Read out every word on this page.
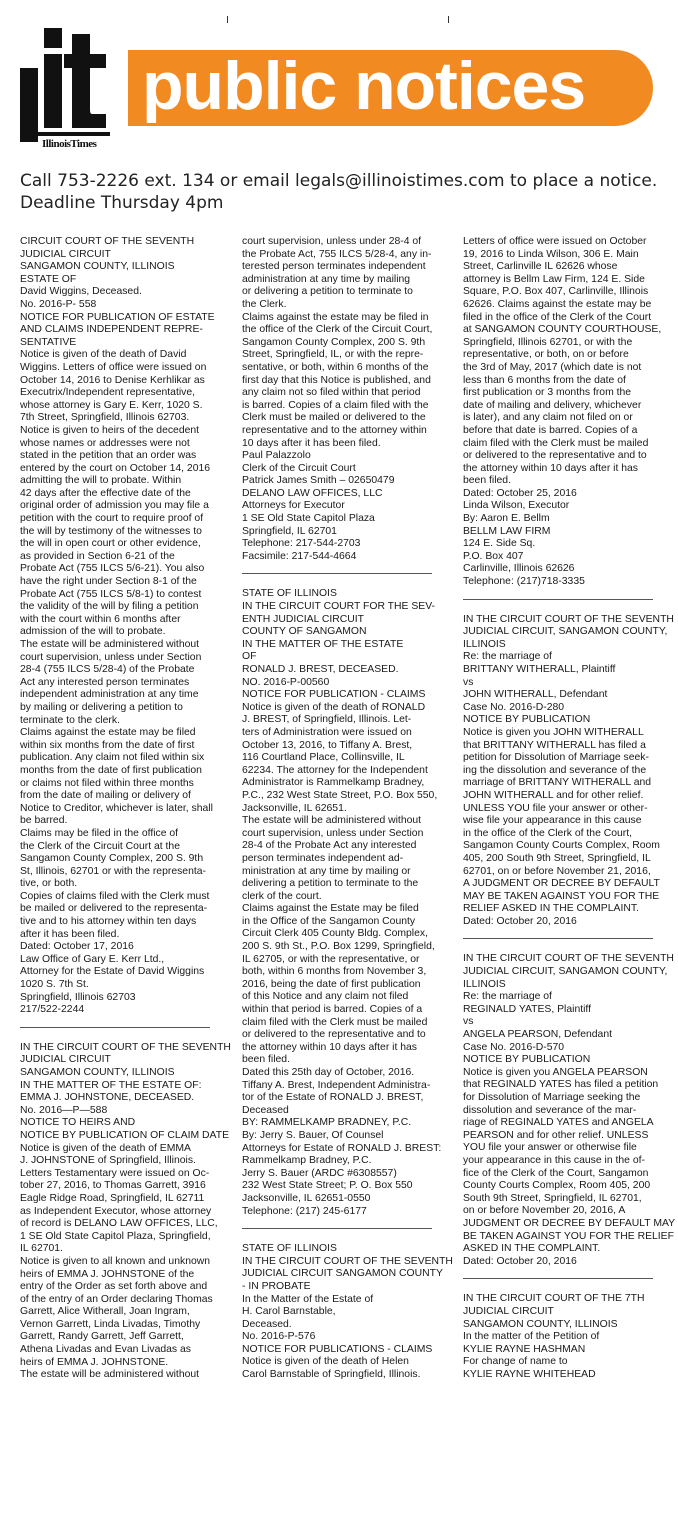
IllinoisTimes
public notices

Call 753-2226 ext. 134 or email legals@illinoistimes.com to place a notice.
Deadline Thursday 4pm

CIRCUIT COURT OF THE SEVENTH
JUDICIAL CIRCUIT
SANGAMON COUNTY, ILLINOIS
ESTATE OF
David Wiggins, Deceased.
No. 2016-P- 558
NOTICE FOR PUBLICATION OF ESTATE
AND CLAIMS INDEPENDENT REPRE-
SENTATIVE
Notice is given of the death of David
Wiggins. Letters of office were issued on
October 14, 2016 to Denise Kerhlikar as
Executrix/Independent representative,
whose attorney is Gary E. Kerr, 1020 S.
7th Street, Springfield, Illinois 62703.
Notice is given to heirs of the decedent
whose names or addresses were not
stated in the petition that an order was
entered by the court on October 14, 2016
admitting the will to probate. Within
42 days after the effective date of the
original order of admission you may file a
petition with the court to require proof of
the will by testimony of the witnesses to
the will in open court or other evidence,
as provided in Section 6-21 of the
Probate Act (755 ILCS 5/6-21). You also
have the right under Section 8-1 of the
Probate Act (755 ILCS 5/8-1) to contest
the validity of the will by filing a petition
with the court within 6 months after
admission of the will to probate.
The estate will be administered without
court supervision, unless under Section
28-4 (755 ILCS 5/28-4) of the Probate
Act any interested person terminates
independent administration at any time
by mailing or delivering a petition to
terminate to the clerk.
Claims against the estate may be filed
within six months from the date of first
publication. Any claim not filed within six
months from the date of first publication
or claims not filed within three months
from the date of mailing or delivery of
Notice to Creditor, whichever is later, shall
be barred.
Claims may be filed in the office of
the Clerk of the Circuit Court at the
Sangamon County Complex, 200 S. 9th
St, Illinois, 62701 or with the representa-
tive, or both.
Copies of claims filed with the Clerk must
be mailed or delivered to the representa-
tive and to his attorney within ten days
after it has been filed.
Dated: October 17, 2016
Law Office of Gary E. Kerr Ltd.,
Attorney for the Estate of David Wiggins
1020 S. 7th St.
Springfield, Illinois 62703
217/522-2244
IN THE CIRCUIT COURT OF THE SEVENTH
JUDICIAL CIRCUIT
SANGAMON COUNTY, ILLINOIS
IN THE MATTER OF THE ESTATE OF:
EMMA J. JOHNSTONE, DECEASED.
No. 2016—P—588
NOTICE TO HEIRS AND
NOTICE BY PUBLICATION OF CLAIM DATE
Notice is given of the death of EMMA
J. JOHNSTONE of Springfield, Illinois.
Letters Testamentary were issued on Oc-
tober 27, 2016, to Thomas Garrett, 3916
Eagle Ridge Road, Springfield, IL 62711
as Independent Executor, whose attorney
of record is DELANO LAW OFFICES, LLC,
1 SE Old State Capitol Plaza, Springfield,
IL 62701.
Notice is given to all known and unknown
heirs of EMMA J. JOHNSTONE of the
entry of the Order as set forth above and
of the entry of an Order declaring Thomas
Garrett, Alice Witherall, Joan Ingram,
Vernon Garrett, Linda Livadas, Timothy
Garrett, Randy Garrett, Jeff Garrett,
Athena Livadas and Evan Livadas as
heirs of EMMA J. JOHNSTONE.
The estate will be administered without
court supervision, unless under 28-4 of
the Probate Act, 755 ILCS 5/28-4, any in-
terested person terminates independent
administration at any time by mailing
or delivering a petition to terminate to
the Clerk.
Claims against the estate may be filed in
the office of the Clerk of the Circuit Court,
Sangamon County Complex, 200 S. 9th
Street, Springfield, IL, or with the repre-
sentative, or both, within 6 months of the
first day that this Notice is published, and
any claim not so filed within that period
is barred. Copies of a claim filed with the
Clerk must be mailed or delivered to the
representative and to the attorney within
10 days after it has been filed.
Paul Palazzolo
Clerk of the Circuit Court
Patrick James Smith – 02650479
DELANO LAW OFFICES, LLC
Attorneys for Executor
1 SE Old State Capitol Plaza
Springfield, IL 62701
Telephone: 217-544-2703
Facsimile: 217-544-4664
STATE OF ILLINOIS
IN THE CIRCUIT COURT FOR THE SEV-
ENTH JUDICIAL CIRCUIT
COUNTY OF SANGAMON
IN THE MATTER OF THE ESTATE
OF
RONALD J. BREST, DECEASED.
NO. 2016-P-00560
NOTICE FOR PUBLICATION - CLAIMS
Notice is given of the death of RONALD
J. BREST, of Springfield, Illinois. Let-
ters of Administration were issued on
October 13, 2016, to Tiffany A. Brest,
116 Courtland Place, Collinsville, IL
62234. The attorney for the Independent
Administrator is Rammelkamp Bradney,
P.C., 232 West State Street, P.O. Box 550,
Jacksonville, IL 62651.
The estate will be administered without
court supervision, unless under Section
28-4 of the Probate Act any interested
person terminates independent ad-
ministration at any time by mailing or
delivering a petition to terminate to the
clerk of the court.
Claims against the Estate may be filed
in the Office of the Sangamon County
Circuit Clerk 405 County Bldg. Complex,
200 S. 9th St., P.O. Box 1299, Springfield,
IL 62705, or with the representative, or
both, within 6 months from November 3,
2016, being the date of first publication
of this Notice and any claim not filed
within that period is barred. Copies of a
claim filed with the Clerk must be mailed
or delivered to the representative and to
the attorney within 10 days after it has
been filed.
Dated this 25th day of October, 2016.
Tiffany A. Brest, Independent Administra-
tor of the Estate of RONALD J. BREST,
Deceased
BY: RAMMELKAMP BRADNEY, P.C.
By: Jerry S. Bauer, Of Counsel
Attorneys for Estate of RONALD J. BREST:
Rammelkamp Bradney, P.C.
Jerry S. Bauer (ARDC #6308557)
232 West State Street; P. O. Box 550
Jacksonville, IL 62651-0550
Telephone: (217) 245-6177
STATE OF ILLINOIS
IN THE CIRCUIT COURT OF THE SEVENTH
JUDICIAL CIRCUIT SANGAMON COUNTY
- IN PROBATE
In the Matter of the Estate of
H. Carol Barnstable,
Deceased.
No. 2016-P-576
NOTICE FOR PUBLICATIONS - CLAIMS
Notice is given of the death of Helen
Carol Barnstable of Springfield, Illinois.
Letters of office were issued on October
19, 2016 to Linda Wilson, 306 E. Main
Street, Carlinville IL 62626 whose
attorney is Bellm Law Firm, 124 E. Side
Square, P.O. Box 407, Carlinville, Illinois
62626. Claims against the estate may be
filed in the office of the Clerk of the Court
at SANGAMON COUNTY COURTHOUSE,
Springfield, Illinois 62701, or with the
representative, or both, on or before
the 3rd of May, 2017 (which date is not
less than 6 months from the date of
first publication or 3 months from the
date of mailing and delivery, whichever
is later), and any claim not filed on or
before that date is barred. Copies of a
claim filed with the Clerk must be mailed
or delivered to the representative and to
the attorney within 10 days after it has
been filed.
Dated: October 25, 2016
Linda Wilson, Executor
By: Aaron E. Bellm
BELLM LAW FIRM
124 E. Side Sq.
P.O. Box 407
Carlinville, Illinois 62626
Telephone: (217)718-3335
IN THE CIRCUIT COURT OF THE SEVENTH
JUDICIAL CIRCUIT, SANGAMON COUNTY,
ILLINOIS
Re: the marriage of
BRITTANY WITHERALL, Plaintiff
vs
JOHN WITHERALL, Defendant
Case No. 2016-D-280
NOTICE BY PUBLICATION
Notice is given you JOHN WITHERALL
that BRITTANY WITHERALL has filed a
petition for Dissolution of Marriage seek-
ing the dissolution and severance of the
marriage of BRITTANY WITHERALL and
JOHN WITHERALL and for other relief.
UNLESS YOU file your answer or other-
wise file your appearance in this cause
in the office of the Clerk of the Court,
Sangamon County Courts Complex, Room
405, 200 South 9th Street, Springfield, IL
62701, on or before November 21, 2016,
A JUDGMENT OR DECREE BY DEFAULT
MAY BE TAKEN AGAINST YOU FOR THE
RELIEF ASKED IN THE COMPLAINT.
Dated: October 20, 2016
IN THE CIRCUIT COURT OF THE SEVENTH
JUDICIAL CIRCUIT, SANGAMON COUNTY,
ILLINOIS
Re: the marriage of
REGINALD YATES, Plaintiff
vs
ANGELA PEARSON, Defendant
Case No. 2016-D-570
NOTICE BY PUBLICATION
Notice is given you ANGELA PEARSON
that REGINALD YATES has filed a petition
for Dissolution of Marriage seeking the
dissolution and severance of the mar-
riage of REGINALD YATES and ANGELA
PEARSON and for other relief. UNLESS
YOU file your answer or otherwise file
your appearance in this cause in the of-
fice of the Clerk of the Court, Sangamon
County Courts Complex, Room 405, 200
South 9th Street, Springfield, IL 62701,
on or before November 20, 2016, A
JUDGMENT OR DECREE BY DEFAULT MAY
BE TAKEN AGAINST YOU FOR THE RELIEF
ASKED IN THE COMPLAINT.
Dated: October 20, 2016
IN THE CIRCUIT COURT OF THE 7TH
JUDICIAL CIRCUIT
SANGAMON COUNTY, ILLINOIS
In the matter of the Petition of
KYLIE RAYNE HASHMAN
For change of name to
KYLIE RAYNE WHITEHEAD
